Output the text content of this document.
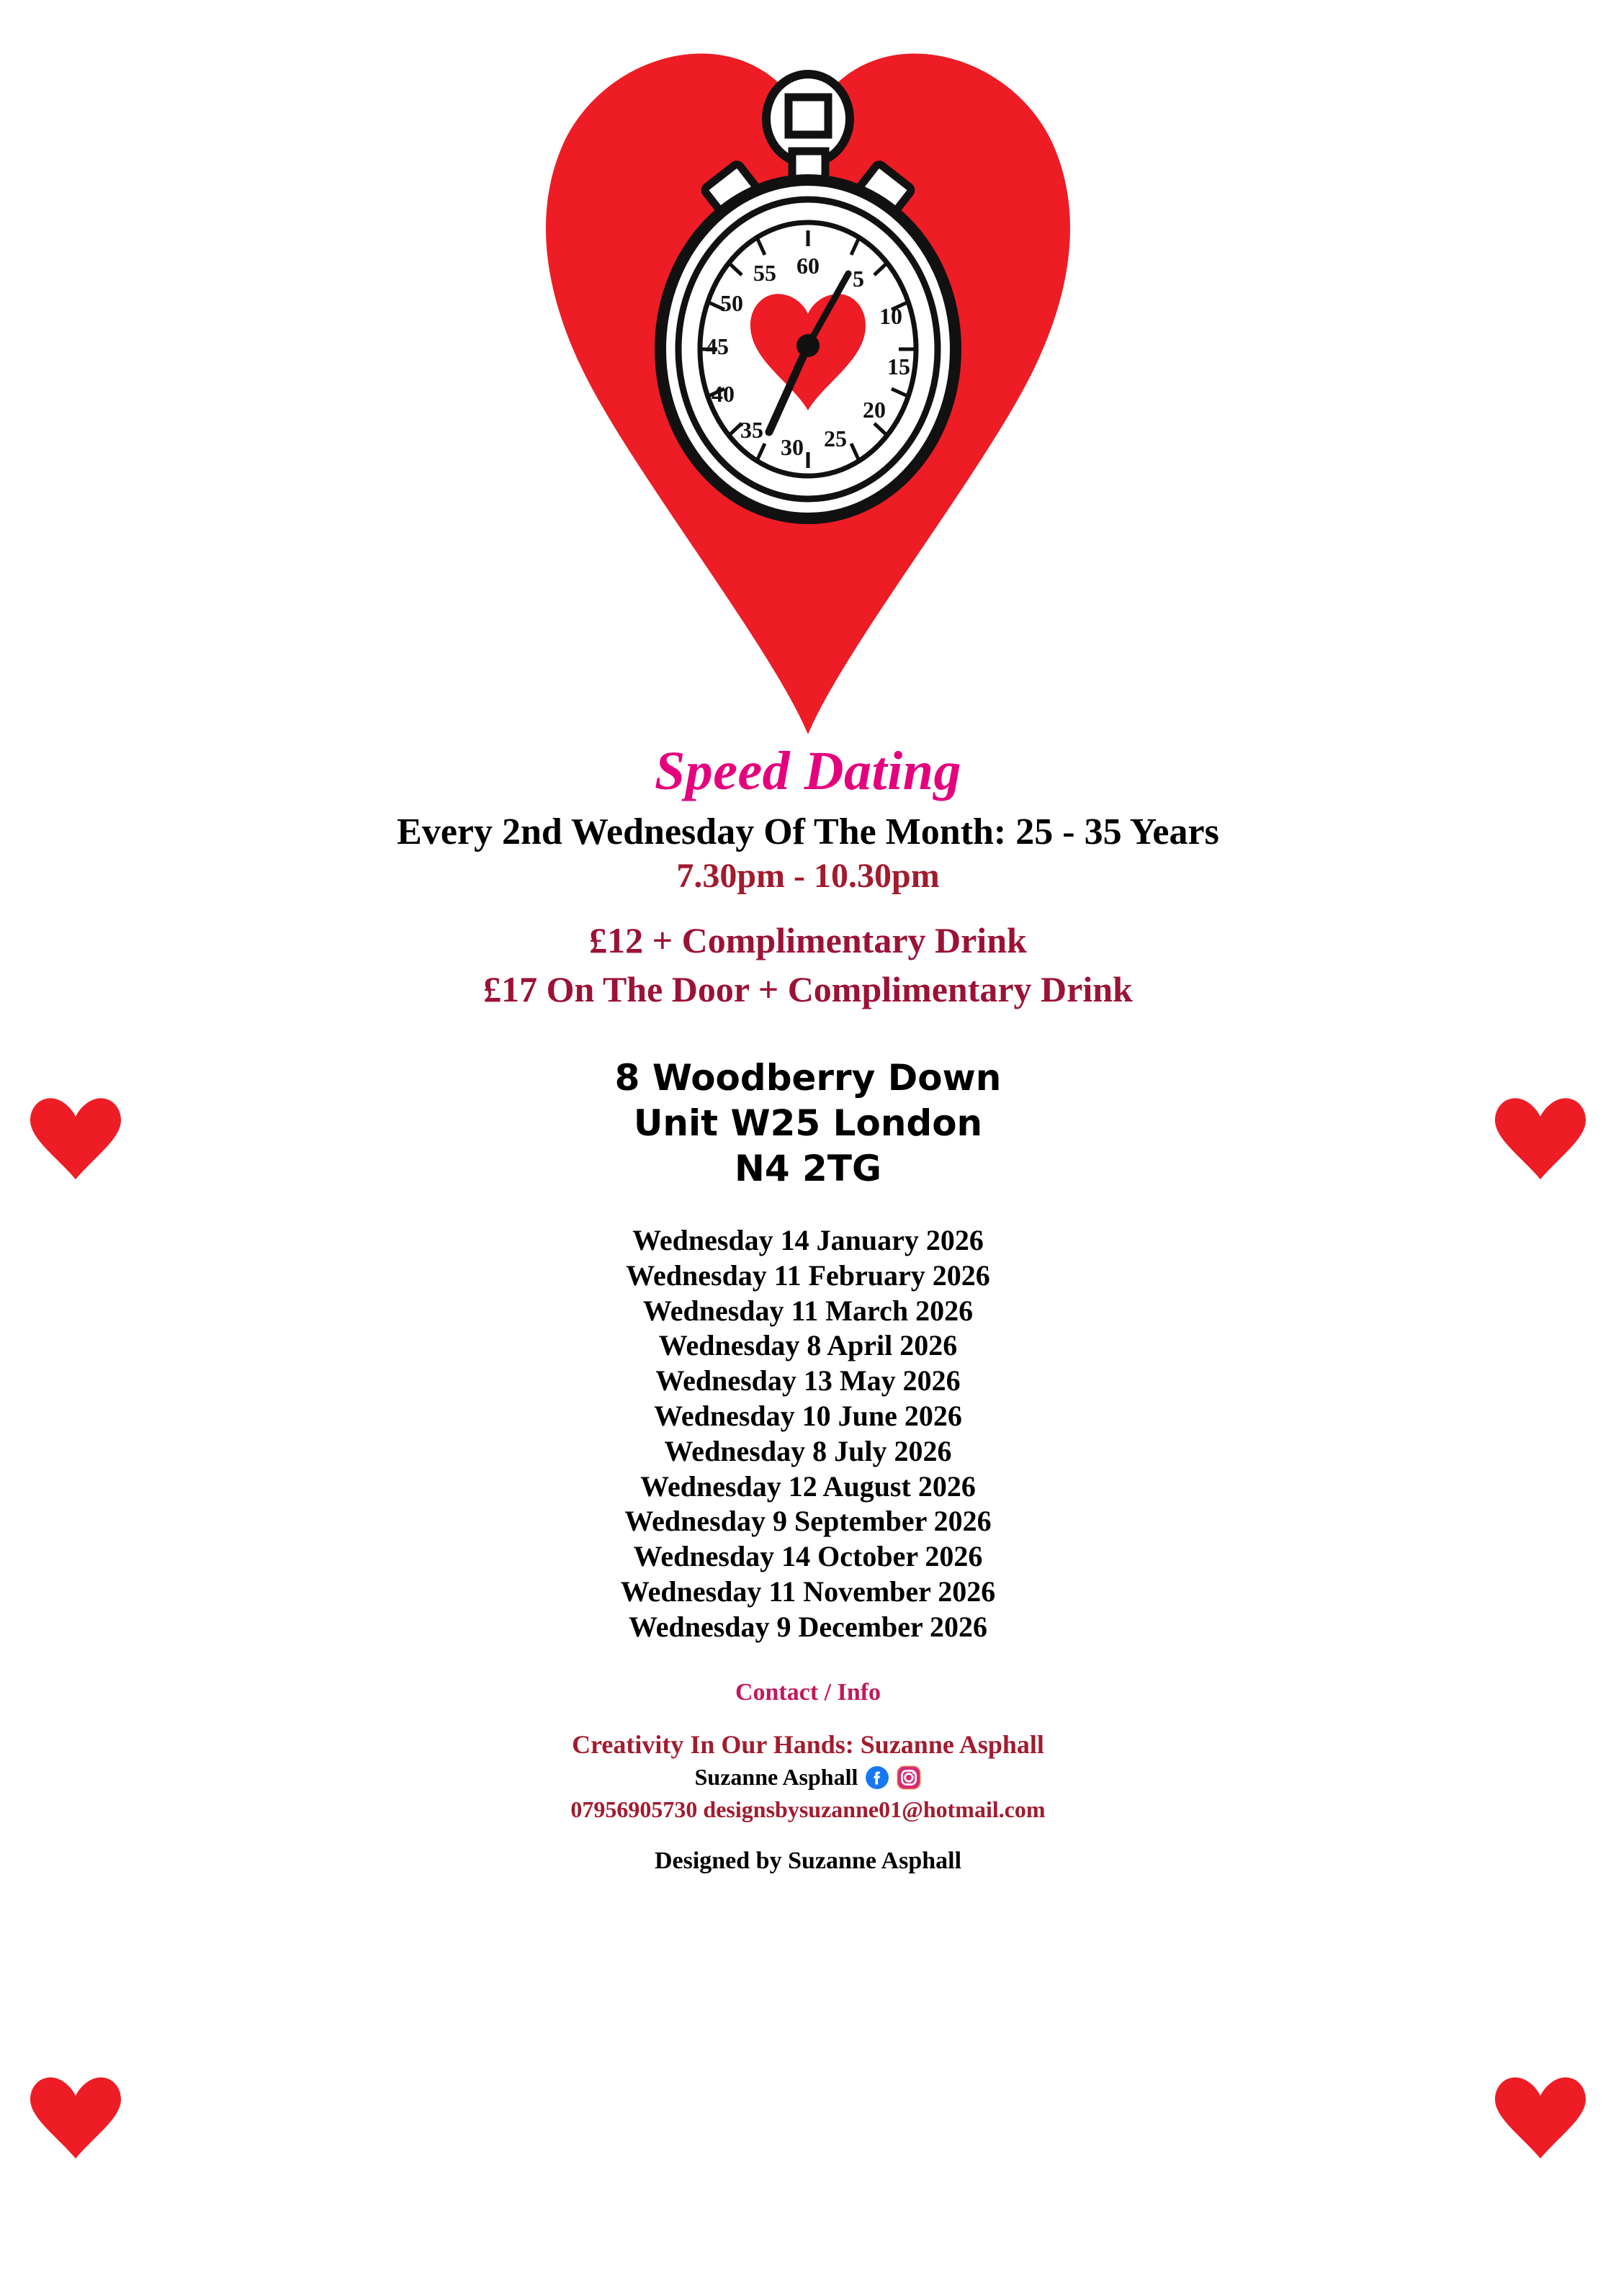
60 5
10
15
20
25
30
35
40
45
50
55
Speed Dating

Every 2nd Wednesday Of The Month: 25 - 35 Years

7.30pm - 10.30pm

£12 + Complimentary Drink

£17 On The Door + Complimentary Drink

8 Woodberry Down

Unit W25 London

N4 2TG

Wednesday 14 January 2026
Wednesday 11 February 2026
Wednesday 11 March 2026
Wednesday 8 April 2026
Wednesday 13 May 2026
Wednesday 10 June 2026
Wednesday 8 July 2026
Wednesday 12 August 2026
Wednesday 9 September 2026
Wednesday 14 October 2026
Wednesday 11 November 2026
Wednesday 9 December 2026

Contact / Info

Creativity In Our Hands: Suzanne Asphall

Suzanne Asphall

07956905730 designsbysuzanne01@hotmail.com

Designed by Suzanne Asphall
